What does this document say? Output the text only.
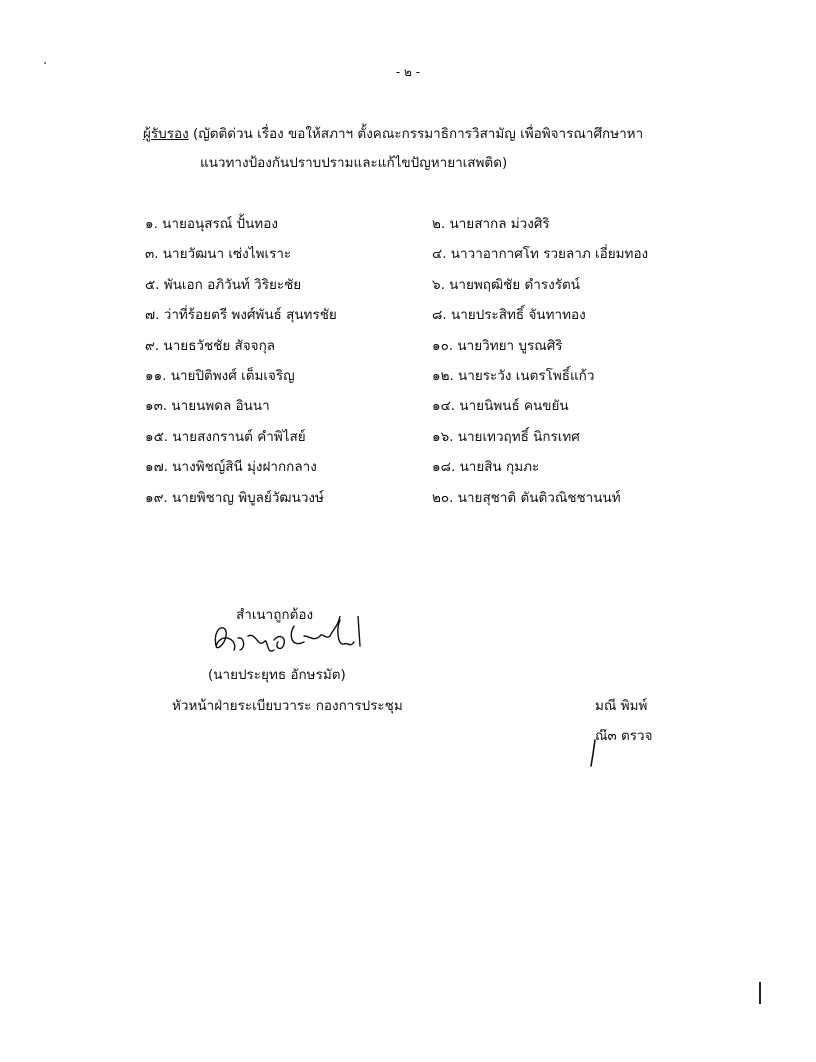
- ๒ -
ผู้รับรอง (ญัตติด่วน เรื่อง ขอให้สภาฯ ตั้งคณะกรรมาธิการวิสามัญ เพื่อพิจารณาศึกษาหา
แนวทางป้องกันปราบปรามและแก้ไขปัญหายาเสพติด)
๑. นายอนุสรณ์ ปั้นทอง	๒. นายสากล ม่วงศิริ
๓. นายวัฒนา เซ่งไพเราะ	๔. นาวาอากาศโท รวยลาภ เอี่ยมทอง
๕. พันเอก อภิวันท์ วิริยะชัย	๖. นายพฤฒิชัย ดำรงรัตน์
๗. ว่าที่ร้อยตรี พงศ์พันธ์ สุนทรชัย	๘. นายประสิทธิ์ จันทาทอง
๙. นายธวัชชัย สัจจกุล	๑๐. นายวิทยา บูรณศิริ
๑๑. นายปิติพงศ์ เต็มเจริญ	๑๒. นายระวัง เนตรโพธิ์แก้ว
๑๓. นายนพดล อินนา	๑๔. นายนิพนธ์ คนขยัน
๑๕. นายสงกรานต์ คำพิไสย์	๑๖. นายเทวฤทธิ์ นิกรเทศ
๑๗. นางพิชญ์สินี มุ่งฝากกลาง	๑๘. นายสิน กุมภะ
๑๙. นายพิชาญ พิบูลย์วัฒนวงษ์	๒๐. นายสุชาติ ตันติวณิชชานนท์
สำเนาถูกต้อง
(นายประยุทธ อักษรมัต)
หัวหน้าฝ่ายระเบียบวาระ กองการประชุม	มณี พิมพ์
ณ๊๓ ตรวจ
